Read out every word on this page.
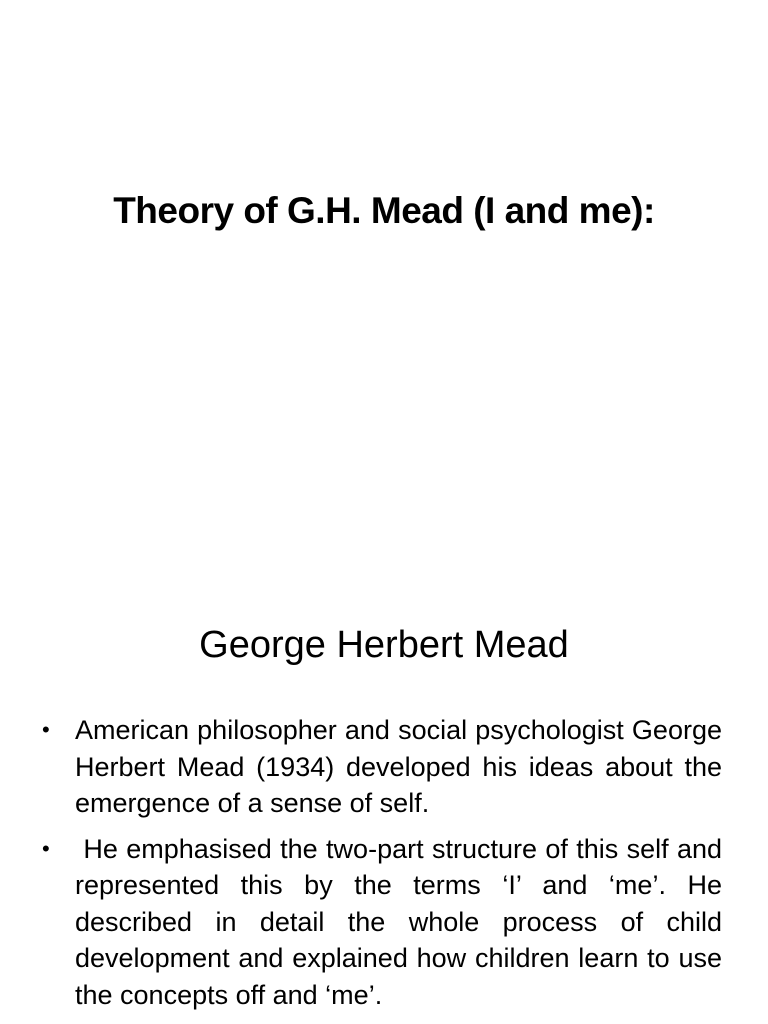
Theory of G.H. Mead (I and me):
George Herbert Mead
• American philosopher and social psychologist George Herbert Mead (1934) developed his ideas about the emergence of a sense of self.
• He emphasised the two-part structure of this self and represented this by the terms ‘I’ and ‘me’. He described in detail the whole process of child development and explained how children learn to use the concepts off and ‘me’.
